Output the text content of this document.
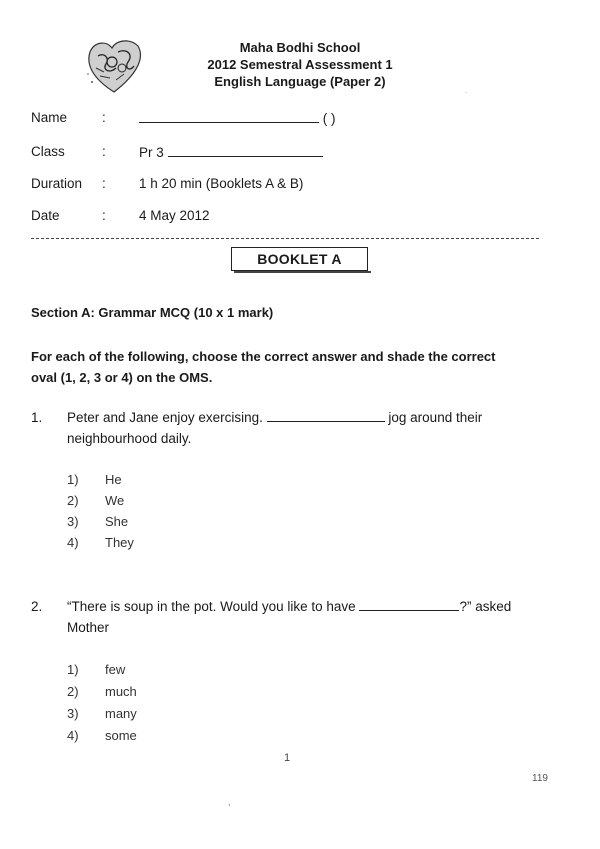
Maha Bodhi School
2012 Semestral Assessment 1
English Language (Paper 2)
.
Name	:	( )
Class	: Pr 3
Duration : 1 h 20 min (Booklets A & B)
Date	: 4 May 2012
BOOKLET A
Section A: Grammar MCQ (10 x 1 mark)
For each of the following, choose the correct answer and shade the correct oval (1, 2, 3 or 4) on the OMS.
1. Peter and Jane enjoy exercising.	jog around their neighbourhood daily.
1) He
2) We
3) She
4) They
2. “There is soup in the pot. Would you like to have	?” asked Mother
1) few
2) much
3) many
4) some
1
119
,
